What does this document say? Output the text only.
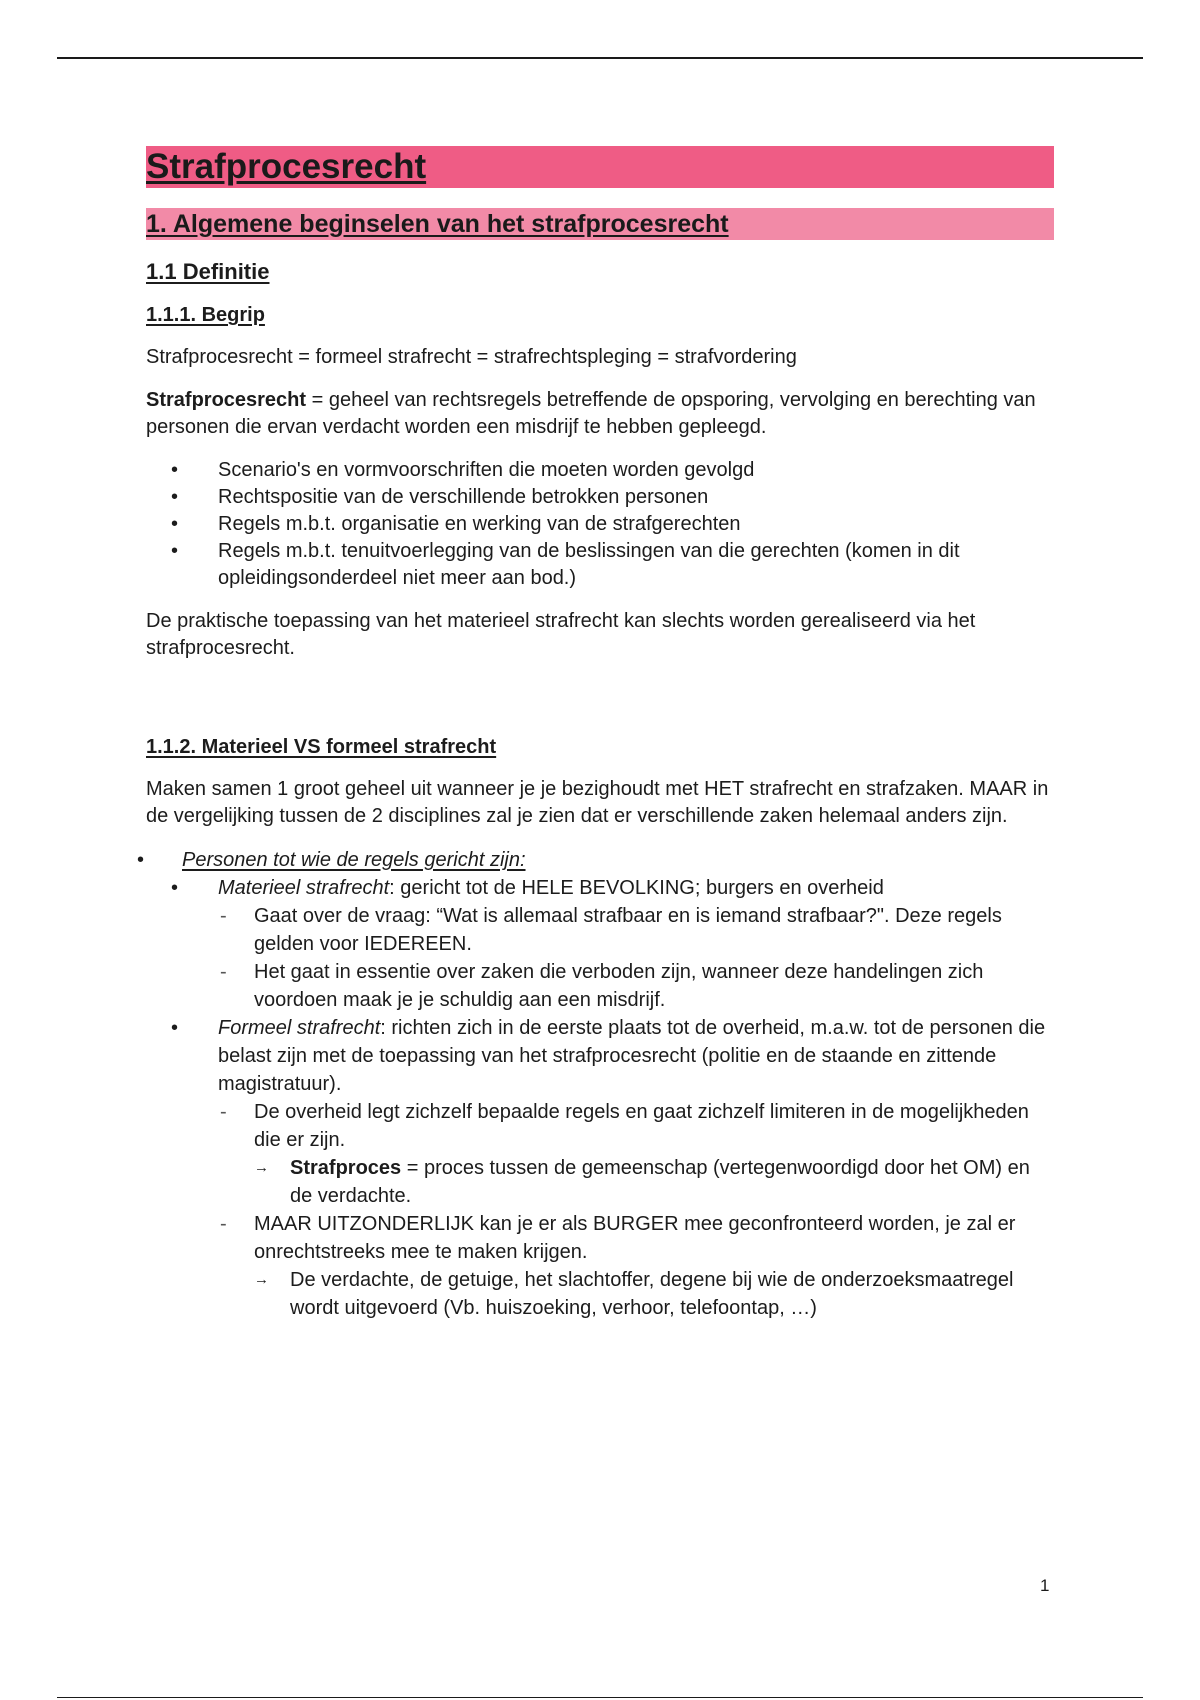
Strafprocesrecht
1. Algemene beginselen van het strafprocesrecht
1.1 Definitie
1.1.1. Begrip

Strafprocesrecht = formeel strafrecht = strafrechtspleging = strafvordering

Strafprocesrecht = geheel van rechtsregels betreffende de opsporing, vervolging en berechting van personen die ervan verdacht worden een misdrijf te hebben gepleegd.

• Scenario's en vormvoorschriften die moeten worden gevolgd
• Rechtspositie van de verschillende betrokken personen
• Regels m.b.t. organisatie en werking van de strafgerechten
• Regels m.b.t. tenuitvoerlegging van de beslissingen van die gerechten (komen in dit opleidingsonderdeel niet meer aan bod.)

De praktische toepassing van het materieel strafrecht kan slechts worden gerealiseerd via het strafprocesrecht.

1.1.2. Materieel VS formeel strafrecht

Maken samen 1 groot geheel uit wanneer je je bezighoudt met HET strafrecht en strafzaken. MAAR in de vergelijking tussen de 2 disciplines zal je zien dat er verschillende zaken helemaal anders zijn.

• Personen tot wie de regels gericht zijn:
• Materieel strafrecht: gericht tot de HELE BEVOLKING; burgers en overheid
- Gaat over de vraag: “Wat is allemaal strafbaar en is iemand strafbaar?". Deze regels gelden voor IEDEREEN.
- Het gaat in essentie over zaken die verboden zijn, wanneer deze handelingen zich voordoen maak je je schuldig aan een misdrijf.
• Formeel strafrecht: richten zich in de eerste plaats tot de overheid, m.a.w. tot de personen die belast zijn met de toepassing van het strafprocesrecht (politie en de staande en zittende magistratuur).
- De overheid legt zichzelf bepaalde regels en gaat zichzelf limiteren in de mogelijkheden die er zijn.
→ Strafproces = proces tussen de gemeenschap (vertegenwoordigd door het OM) en de verdachte.
- MAAR UITZONDERLIJK kan je er als BURGER mee geconfronteerd worden, je zal er onrechtstreeks mee te maken krijgen.
→ De verdachte, de getuige, het slachtoffer, degene bij wie de onderzoeksmaatregel wordt uitgevoerd (Vb. huiszoeking, verhoor, telefoontap, …)
1
